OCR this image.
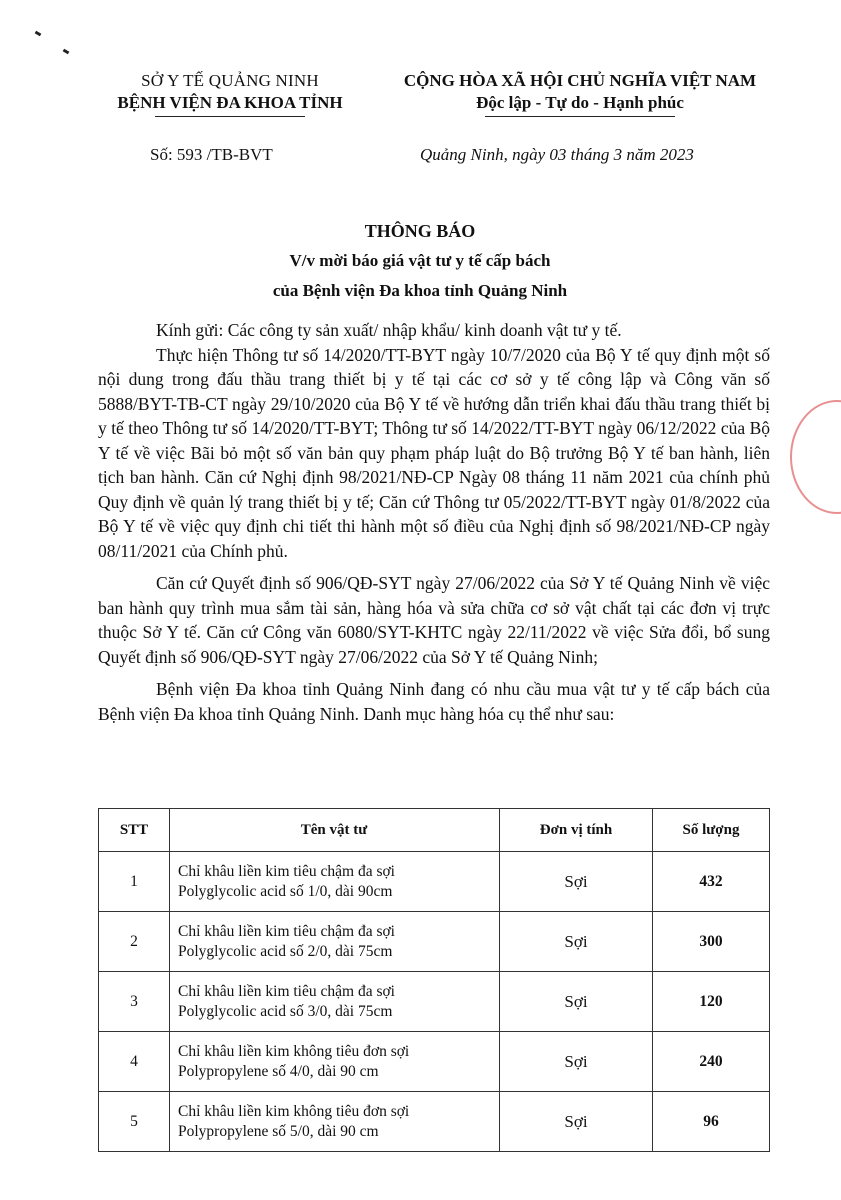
SỞ Y TẾ QUẢNG NINH
BỆNH VIỆN ĐA KHOA TỈNH
CỘNG HÒA XÃ HỘI CHỦ NGHĨA VIỆT NAM
Độc lập - Tự do - Hạnh phúc
Số: 593 /TB-BVT	Quảng Ninh, ngày 03 tháng 3 năm 2023
THÔNG BÁO
V/v mời báo giá vật tư y tế cấp bách
của Bệnh viện Đa khoa tỉnh Quảng Ninh

Kính gửi: Các công ty sản xuất/ nhập khẩu/ kinh doanh vật tư y tế.

Thực hiện Thông tư số 14/2020/TT-BYT ngày 10/7/2020 của Bộ Y tế quy định một số nội dung trong đấu thầu trang thiết bị y tế tại các cơ sở y tế công lập và Công văn số 5888/BYT-TB-CT ngày 29/10/2020 của Bộ Y tế về hướng dẫn triển khai đấu thầu trang thiết bị y tế theo Thông tư số 14/2020/TT-BYT; Thông tư số 14/2022/TT-BYT ngày 06/12/2022 của Bộ Y tế về việc Bãi bỏ một số văn bản quy phạm pháp luật do Bộ trưởng Bộ Y tế ban hành, liên tịch ban hành. Căn cứ Nghị định 98/2021/NĐ-CP Ngày 08 tháng 11 năm 2021 của chính phủ Quy định về quản lý trang thiết bị y tế; Căn cứ Thông tư 05/2022/TT-BYT ngày 01/8/2022 của Bộ Y tế về việc quy định chi tiết thi hành một số điều của Nghị định số 98/2021/NĐ-CP ngày 08/11/2021 của Chính phủ.

Căn cứ Quyết định số 906/QĐ-SYT ngày 27/06/2022 của Sở Y tế Quảng Ninh về việc ban hành quy trình mua sắm tài sản, hàng hóa và sửa chữa cơ sở vật chất tại các đơn vị trực thuộc Sở Y tế. Căn cứ Công văn 6080/SYT-KHTC ngày 22/11/2022 về việc Sửa đổi, bổ sung Quyết định số 906/QĐ-SYT ngày 27/06/2022 của Sở Y tế Quảng Ninh;

Bệnh viện Đa khoa tỉnh Quảng Ninh đang có nhu cầu mua vật tư y tế cấp bách của Bệnh viện Đa khoa tỉnh Quảng Ninh. Danh mục hàng hóa cụ thể như sau:

STT	Tên vật tư	Đơn vị tính	Số lượng
1	Chỉ khâu liền kim tiêu chậm đa sợi
Polyglycolic acid số 1/0, dài 90cm	Sợi	432
2	Chỉ khâu liền kim tiêu chậm đa sợi
Polyglycolic acid số 2/0, dài 75cm	Sợi	300
3	Chỉ khâu liền kim tiêu chậm đa sợi
Polyglycolic acid số 3/0, dài 75cm	Sợi	120
4	Chỉ khâu liền kim không tiêu đơn sợi
Polypropylene số 4/0, dài 90 cm	Sợi	240
5	Chỉ khâu liền kim không tiêu đơn sợi
Polypropylene số 5/0, dài 90 cm	Sợi	96
